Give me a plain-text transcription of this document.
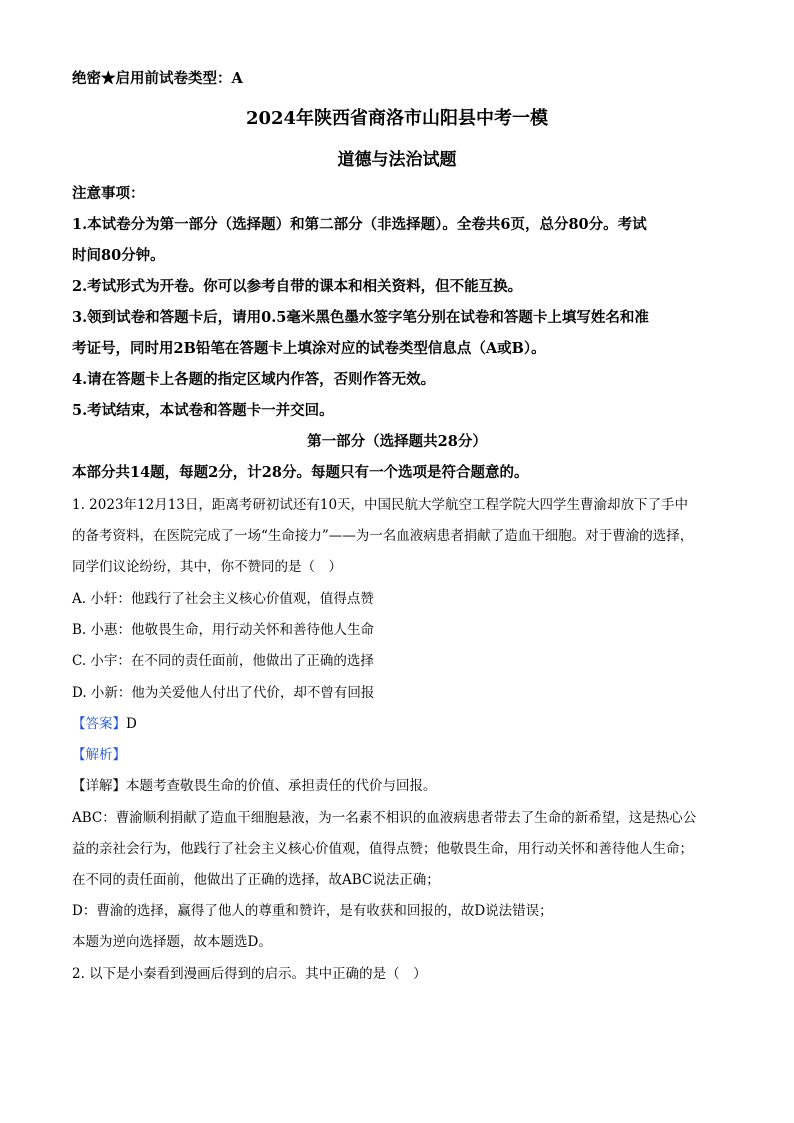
绝密★启用前试卷类型：A
2024年陕西省商洛市山阳县中考一模
道德与法治试题
注意事项：
1.本试卷分为第一部分（选择题）和第二部分（非选择题）。全卷共6页，总分80分。考试
时间80分钟。
2.考试形式为开卷。你可以参考自带的课本和相关资料，但不能互换。
3.领到试卷和答题卡后，请用0.5毫米黑色墨水签字笔分别在试卷和答题卡上填写姓名和准
考证号，同时用2B铅笔在答题卡上填涂对应的试卷类型信息点（A或B）。
4.请在答题卡上各题的指定区域内作答，否则作答无效。
5.考试结束，本试卷和答题卡一并交回。
第一部分（选择题共28分）
本部分共14题，每题2分，计28分。每题只有一个选项是符合题意的。
1. 2023年12月13日，距离考研初试还有10天，中国民航大学航空工程学院大四学生曹渝却放下了手中
的备考资料，在医院完成了一场“生命接力”——为一名血液病患者捐献了造血干细胞。对于曹渝的选择，
同学们议论纷纷，其中，你不赞同的是（　）
A. 小轩：他践行了社会主义核心价值观，值得点赞
B. 小惠：他敬畏生命，用行动关怀和善待他人生命
C. 小宇：在不同的责任面前，他做出了正确的选择
D. 小新：他为关爱他人付出了代价，却不曾有回报
【答案】D
【解析】
【详解】本题考查敬畏生命的价值、承担责任的代价与回报。
ABC：曹渝顺利捐献了造血干细胞悬液，为一名素不相识的血液病患者带去了生命的新希望，这是热心公
益的亲社会行为，他践行了社会主义核心价值观，值得点赞；他敬畏生命，用行动关怀和善待他人生命；
在不同的责任面前，他做出了正确的选择，故ABC说法正确；
D：曹渝的选择，赢得了他人的尊重和赞许，是有收获和回报的，故D说法错误；
本题为逆向选择题，故本题选D。
2. 以下是小秦看到漫画后得到的启示。其中正确的是（　）
